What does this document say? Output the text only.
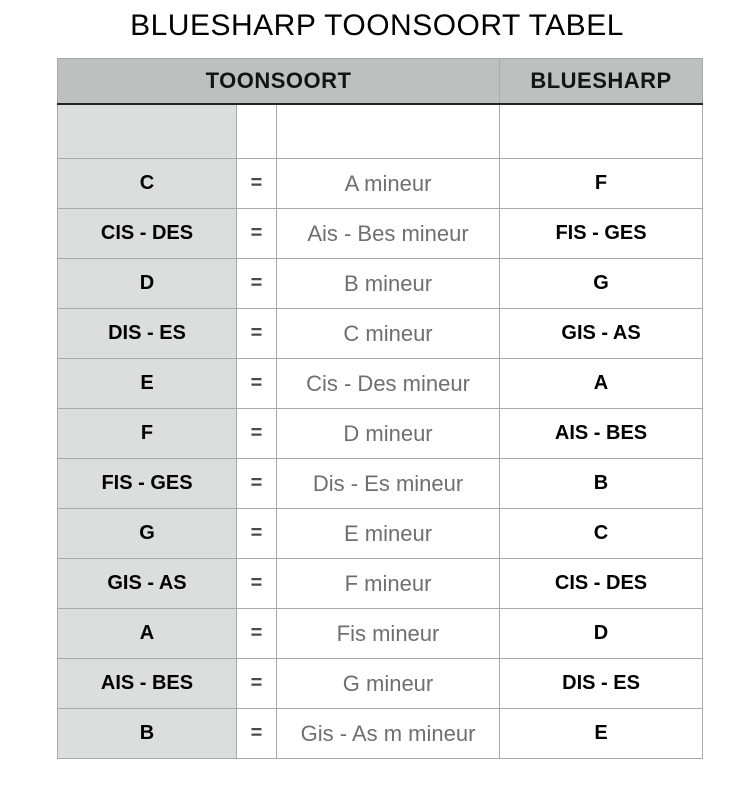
BLUESHARP TOONSOORT TABEL
TOONSOORT			BLUESHARP

C	=	A mineur	F
CIS - DES	=	Ais - Bes mineur	FIS - GES
D	=	B mineur	G
DIS - ES	=	C mineur	GIS - AS
E	=	Cis - Des mineur	A
F	=	D mineur	AIS - BES
FIS - GES	=	Dis - Es mineur	B
G	=	E mineur	C
GIS - AS	=	F mineur	CIS - DES
A	=	Fis mineur	D
AIS - BES	=	G mineur	DIS - ES
B	=	Gis - As m mineur	E
